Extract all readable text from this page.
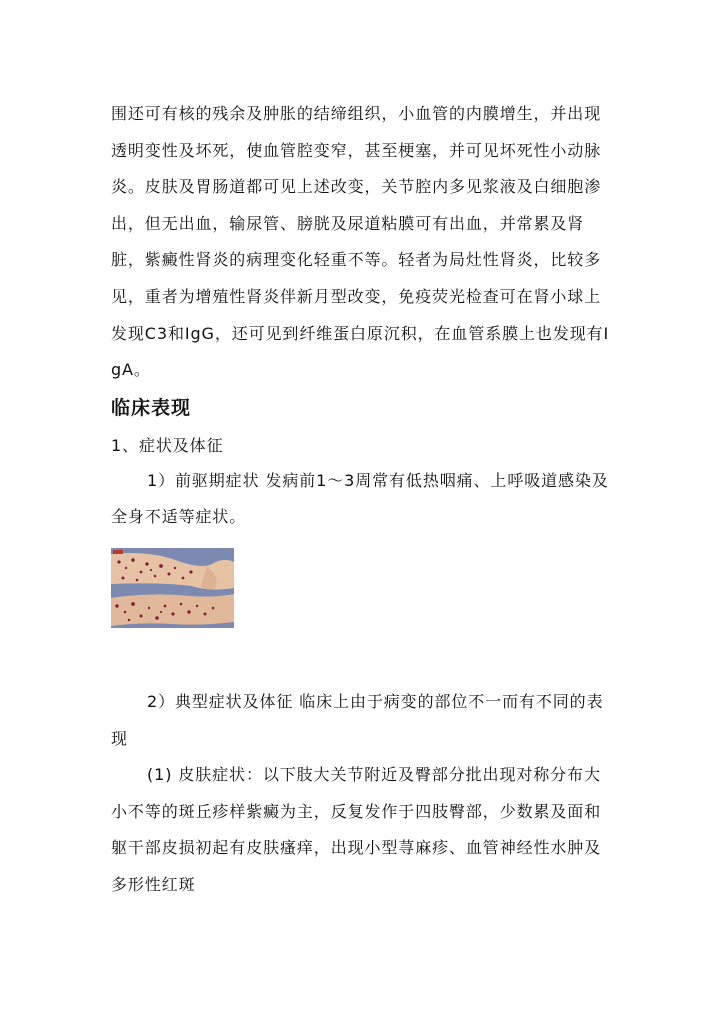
围还可有核的残余及肿胀的结缔组织，小血管的内膜增生，并出现透明变性及坏死，使血管腔变窄，甚至梗塞，并可见坏死性小动脉炎。皮肤及胃肠道都可见上述改变，关节腔内多见浆液及白细胞渗出，但无出血，输尿管、膀胱及尿道粘膜可有出血，并常累及肾脏，紫癜性肾炎的病理变化轻重不等。轻者为局灶性肾炎，比较多见，重者为增殖性肾炎伴新月型改变，免疫荧光检查可在肾小球上发现C3和IgG，还可见到纤维蛋白原沉积，在血管系膜上也发现有IgA。

临床表现

1、症状及体征

1）前驱期症状 发病前1～3周常有低热咽痛、上呼吸道感染及全身不适等症状。

2）典型症状及体征 临床上由于病变的部位不一而有不同的表现

(1) 皮肤症状：以下肢大关节附近及臀部分批出现对称分布大小不等的斑丘疹样紫癜为主，反复发作于四肢臀部，少数累及面和躯干部皮损初起有皮肤瘙痒，出现小型荨麻疹、血管神经性水肿及多形性红斑
